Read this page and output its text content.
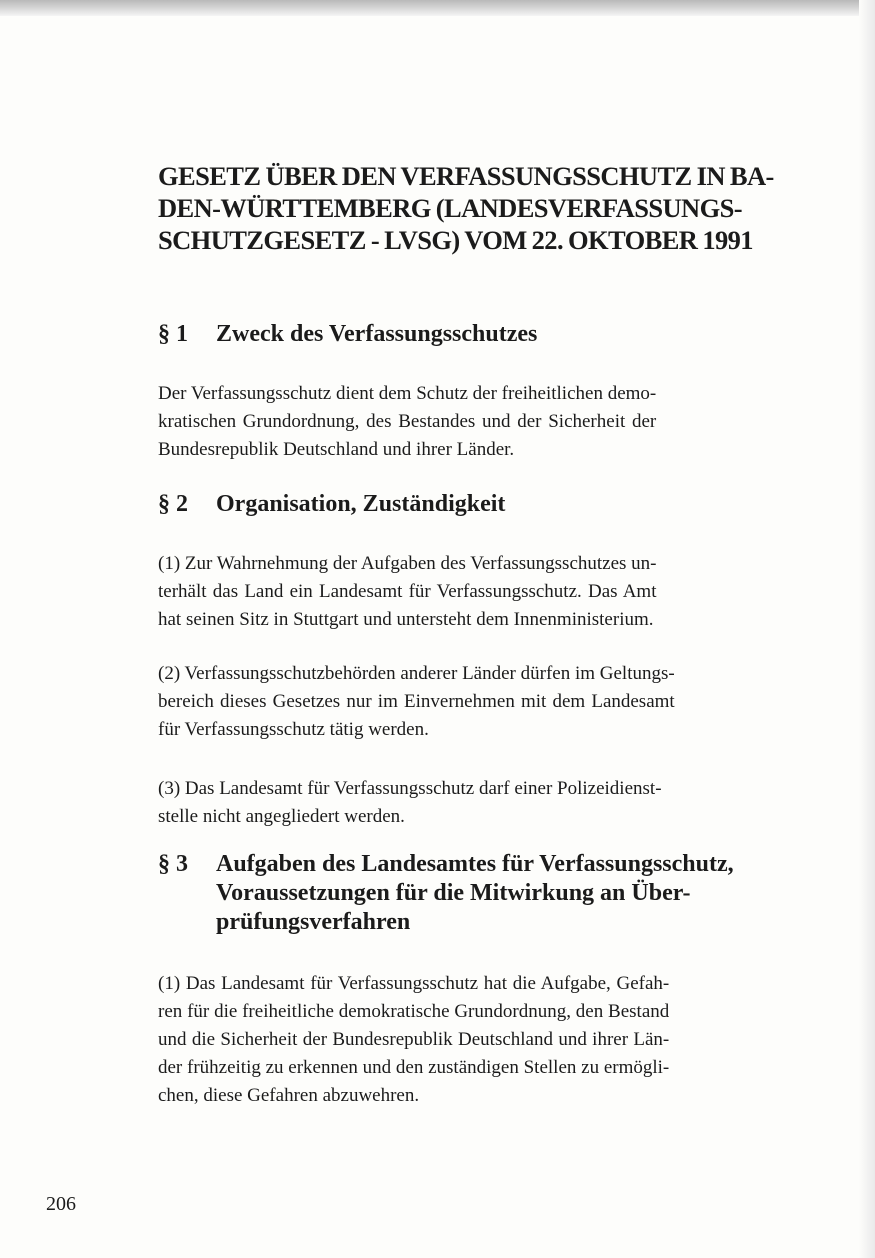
GESETZ ÜBER DEN VERFASSUNGSSCHUTZ IN BA-
DEN-WÜRTTEMBERG (LANDESVERFASSUNGS-
SCHUTZGESETZ - LVSG) VOM 22. OKTOBER 1991
§ 1	Zweck des Verfassungsschutzes

Der Verfassungsschutz dient dem Schutz der freiheitlichen demo-
kratischen Grundordnung, des Bestandes und der Sicherheit der
Bundesrepublik Deutschland und ihrer Länder.

§ 2	Organisation, Zuständigkeit

(1) Zur Wahrnehmung der Aufgaben des Verfassungsschutzes un-
terhält das Land ein Landesamt für Verfassungsschutz. Das Amt
hat seinen Sitz in Stuttgart und untersteht dem Innenministerium.

(2) Verfassungsschutzbehörden anderer Länder dürfen im Geltungs-
bereich dieses Gesetzes nur im Einvernehmen mit dem Landesamt
für Verfassungsschutz tätig werden.

(3) Das Landesamt für Verfassungsschutz darf einer Polizeidienst-
stelle nicht angegliedert werden.

§ 3	Aufgaben des Landesamtes für Verfassungsschutz,
Voraussetzungen für die Mitwirkung an Über-
prüfungsverfahren

(1) Das Landesamt für Verfassungsschutz hat die Aufgabe, Gefah-
ren für die freiheitliche demokratische Grundordnung, den Bestand
und die Sicherheit der Bundesrepublik Deutschland und ihrer Län-
der frühzeitig zu erkennen und den zuständigen Stellen zu ermögli-
chen, diese Gefahren abzuwehren.

206
